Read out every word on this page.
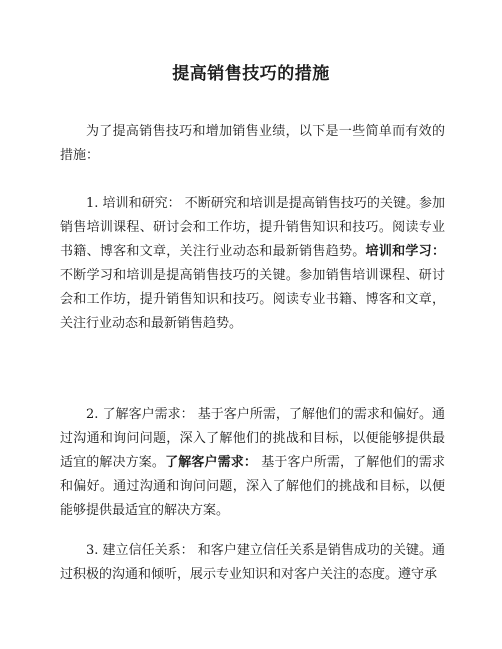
提高销售技巧的措施

为了提高销售技巧和增加销售业绩，以下是一些简单而有效的措施：

1. 培训和研究： 不断研究和培训是提高销售技巧的关键。参加销售培训课程、研讨会和工作坊，提升销售知识和技巧。阅读专业书籍、博客和文章，关注行业动态和最新销售趋势。培训和学习：不断学习和培训是提高销售技巧的关键。参加销售培训课程、研讨会和工作坊，提升销售知识和技巧。阅读专业书籍、博客和文章，关注行业动态和最新销售趋势。

2. 了解客户需求： 基于客户所需，了解他们的需求和偏好。通过沟通和询问问题，深入了解他们的挑战和目标，以便能够提供最适宜的解决方案。了解客户需求： 基于客户所需，了解他们的需求和偏好。通过沟通和询问问题，深入了解他们的挑战和目标，以便能够提供最适宜的解决方案。

3. 建立信任关系： 和客户建立信任关系是销售成功的关键。通过积极的沟通和倾听，展示专业知识和对客户关注的态度。遵守承
